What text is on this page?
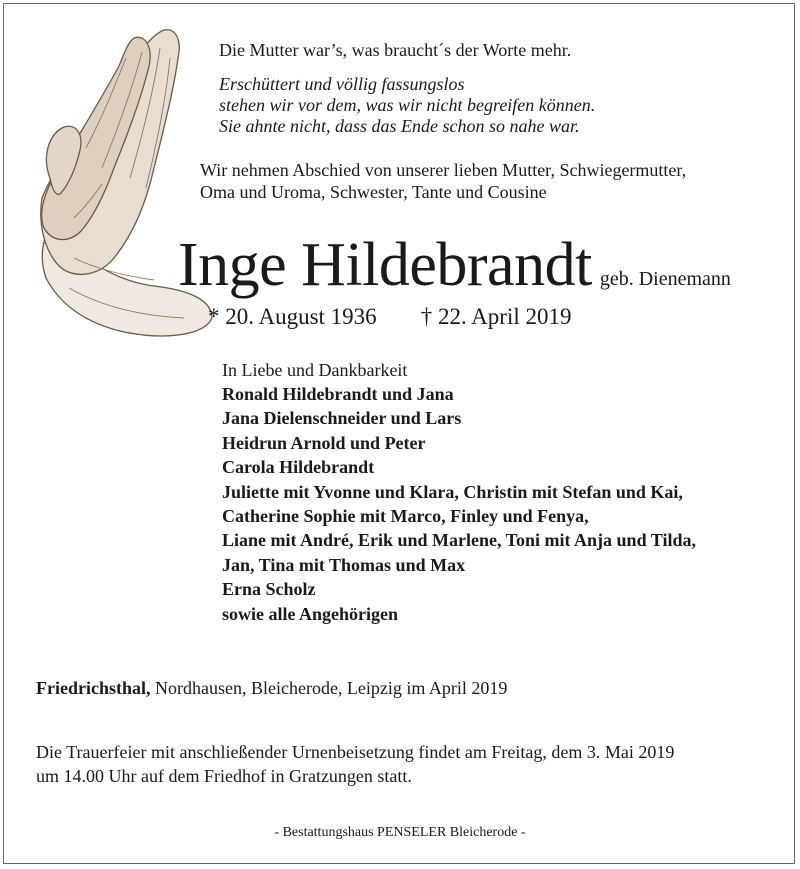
Die Mutter war’s, was braucht´s der Worte mehr.
Erschüttert und völlig fassungslos
stehen wir vor dem, was wir nicht begreifen können.
Sie ahnte nicht, dass das Ende schon so nahe war.
Wir nehmen Abschied von unserer lieben Mutter, Schwiegermutter,
Oma und Uroma, Schwester, Tante und Cousine
Inge Hildebrandt geb. Dienemann
* 20. August 1936 † 22. April 2019
In Liebe und Dankbarkeit
Ronald Hildebrandt und Jana
Jana Dielenschneider und Lars
Heidrun Arnold und Peter
Carola Hildebrandt
Juliette mit Yvonne und Klara, Christin mit Stefan und Kai,
Catherine Sophie mit Marco, Finley und Fenya,
Liane mit André, Erik und Marlene, Toni mit Anja und Tilda,
Jan, Tina mit Thomas und Max
Erna Scholz
sowie alle Angehörigen
Friedrichsthal, Nordhausen, Bleicherode, Leipzig im April 2019
Die Trauerfeier mit anschließender Urnenbeisetzung findet am Freitag, dem 3. Mai 2019
um 14.00 Uhr auf dem Friedhof in Gratzungen statt.
- Bestattungshaus PENSELER Bleicherode -
